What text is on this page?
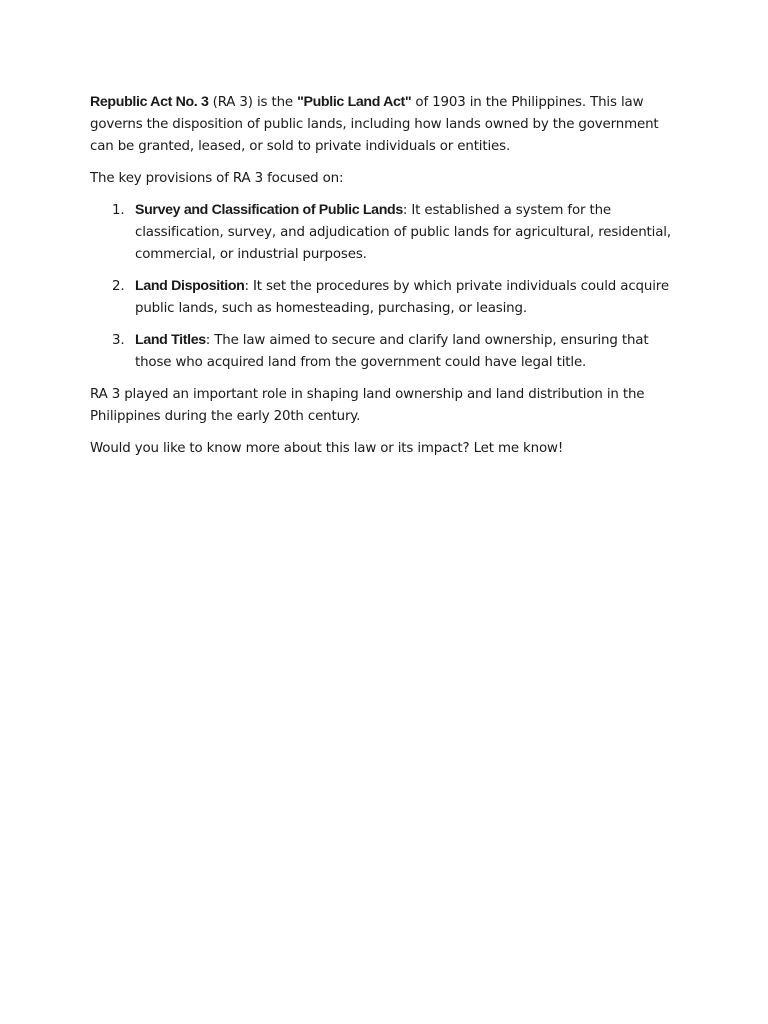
Republic Act No. 3 (RA 3) is the "Public Land Act" of 1903 in the Philippines. This law governs the disposition of public lands, including how lands owned by the government can be granted, leased, or sold to private individuals or entities.

The key provisions of RA 3 focused on:

1. Survey and Classification of Public Lands: It established a system for the classification, survey, and adjudication of public lands for agricultural, residential, commercial, or industrial purposes.
2. Land Disposition: It set the procedures by which private individuals could acquire public lands, such as homesteading, purchasing, or leasing.
3. Land Titles: The law aimed to secure and clarify land ownership, ensuring that those who acquired land from the government could have legal title.

RA 3 played an important role in shaping land ownership and land distribution in the Philippines during the early 20th century.

Would you like to know more about this law or its impact? Let me know!
